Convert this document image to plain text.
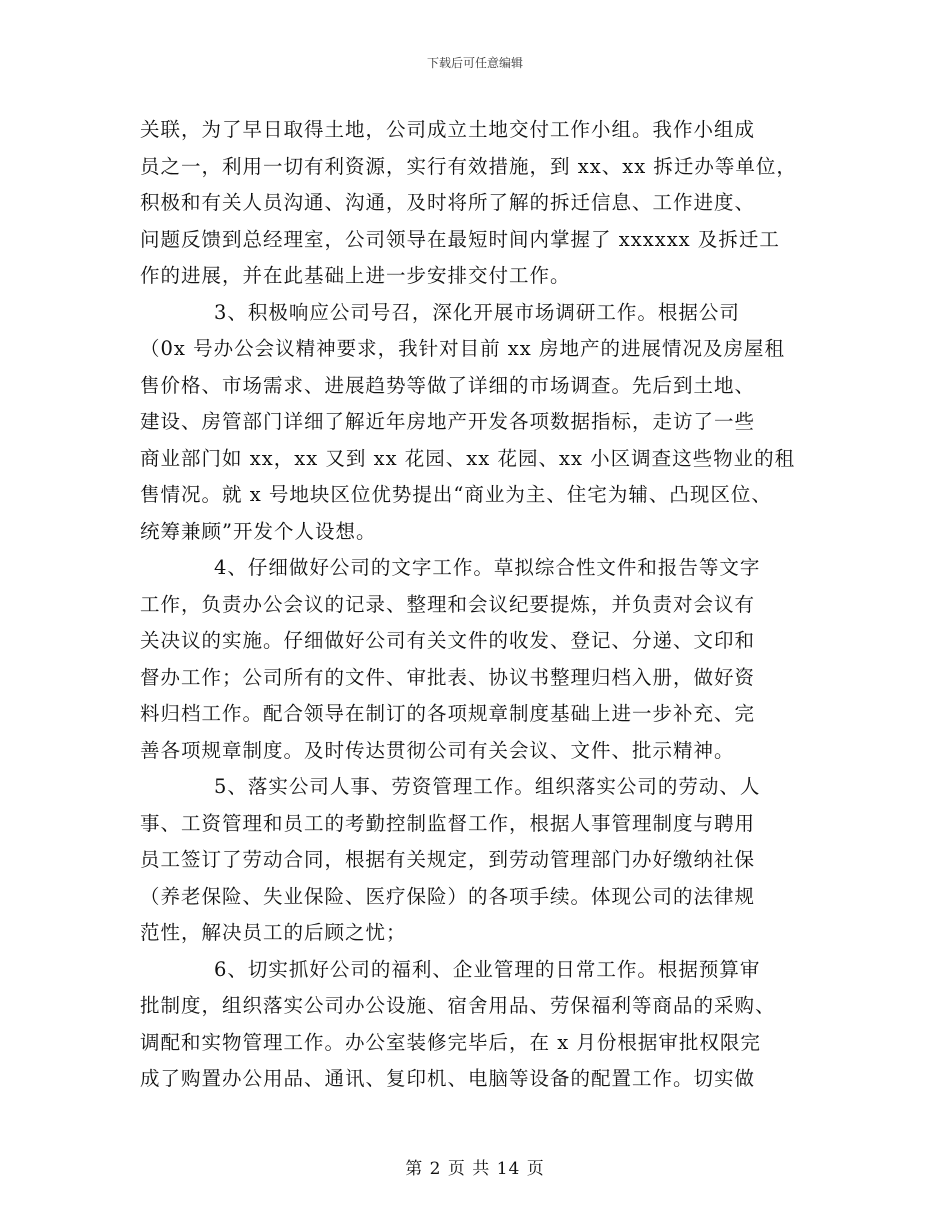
下载后可任意编辑
关联，为了早日取得土地，公司成立土地交付工作小组。我作小组成
员之一，利用一切有利资源，实行有效措施，到 xx、xx 拆迁办等单位，
积极和有关人员沟通、沟通，及时将所了解的拆迁信息、工作进度、
问题反馈到总经理室，公司领导在最短时间内掌握了 xxxxxx 及拆迁工
作的进展，并在此基础上进一步安排交付工作。
3、积极响应公司号召，深化开展市场调研工作。根据公司
（0x 号办公会议精神要求，我针对目前 xx 房地产的进展情况及房屋租
售价格、市场需求、进展趋势等做了详细的市场调查。先后到土地、
建设、房管部门详细了解近年房地产开发各项数据指标，走访了一些
商业部门如 xx，xx 又到 xx 花园、xx 花园、xx 小区调查这些物业的租
售情况。就 x 号地块区位优势提出“商业为主、住宅为辅、凸现区位、
统筹兼顾”开发个人设想。
4、仔细做好公司的文字工作。草拟综合性文件和报告等文字
工作，负责办公会议的记录、整理和会议纪要提炼，并负责对会议有
关决议的实施。仔细做好公司有关文件的收发、登记、分递、文印和
督办工作；公司所有的文件、审批表、协议书整理归档入册，做好资
料归档工作。配合领导在制订的各项规章制度基础上进一步补充、完
善各项规章制度。及时传达贯彻公司有关会议、文件、批示精神。
5、落实公司人事、劳资管理工作。组织落实公司的劳动、人
事、工资管理和员工的考勤控制监督工作，根据人事管理制度与聘用
员工签订了劳动合同，根据有关规定，到劳动管理部门办好缴纳社保
（养老保险、失业保险、医疗保险）的各项手续。体现公司的法律规
范性，解决员工的后顾之忧；
6、切实抓好公司的福利、企业管理的日常工作。根据预算审
批制度，组织落实公司办公设施、宿舍用品、劳保福利等商品的采购、
调配和实物管理工作。办公室装修完毕后，在 x 月份根据审批权限完
成了购置办公用品、通讯、复印机、电脑等设备的配置工作。切实做
第 2 页 共 14 页
